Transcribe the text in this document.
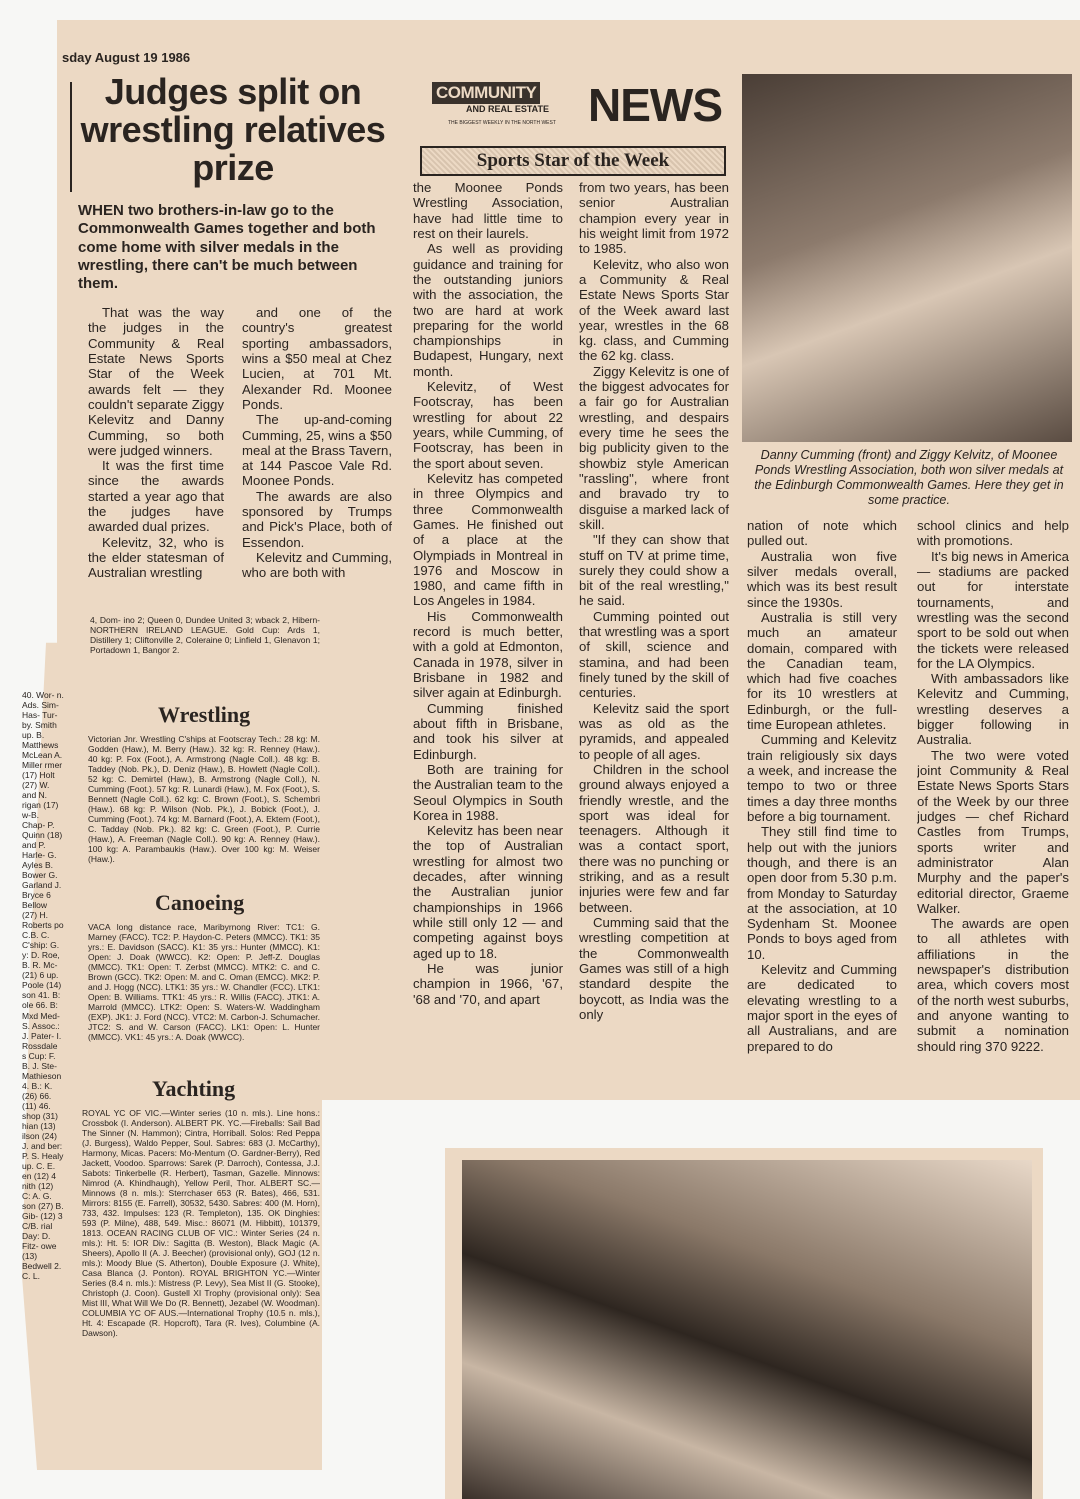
sday August 19 1986
Judges split on wrestling relatives prize
WHEN two brothers-in-law go to the Commonwealth Games together and both come home with silver medals in the wrestling, there can't be much between them.

That was the way the judges in the Community & Real Estate News Sports Star of the Week awards felt — they couldn't separate Ziggy Kelevitz and Danny Cumming, so both were judged winners.

It was the first time since the awards started a year ago that the judges have awarded dual prizes.

Kelevitz, 32, who is the elder statesman of Australian wrestling

and one of the country's greatest sporting ambassadors, wins a $50 meal at Chez Lucien, at 701 Mt. Alexander Rd. Moonee Ponds.

The up-and-coming Cumming, 25, wins a $50 meal at the Brass Tavern, at 144 Pascoe Vale Rd. Moonee Ponds.

The awards are also sponsored by Trumps and Pick's Place, both of Essendon.

Kelevitz and Cumming, who are both with

COMMUNITY
AND REAL ESTATE NEWS
THE BIGGEST WEEKLY IN THE NORTH WEST
Sports Star of the Week

the Moonee Ponds Wrestling Association, have had little time to rest on their laurels.

As well as providing guidance and training for the outstanding juniors with the association, the two are hard at work preparing for the world championships in Budapest, Hungary, next month.

Kelevitz, of West Footscray, has been wrestling for about 22 years, while Cumming, of Footscray, has been in the sport about seven.

Kelevitz has competed in three Olympics and three Commonwealth Games. He finished out of a place at the Olympiads in Montreal in 1976 and Moscow in 1980, and came fifth in Los Angeles in 1984.

His Commonwealth record is much better, with a gold at Edmonton, Canada in 1978, silver in Brisbane in 1982 and silver again at Edinburgh.

Cumming finished about fifth in Brisbane, and took his silver at Edinburgh.

Both are training for the Australian team to the Seoul Olympics in South Korea in 1988.

Kelevitz has been near the top of Australian wrestling for almost two decades, after winning the Australian junior championships in 1966 while still only 12 — and competing against boys aged up to 18.

He was junior champion in 1966, '67, '68 and '70, and apart

from two years, has been senior Australian champion every year in his weight limit from 1972 to 1985.

Kelevitz, who also won a Community & Real Estate News Sports Star of the Week award last year, wrestles in the 68 kg. class, and Cumming the 62 kg. class.

Ziggy Kelevitz is one of the biggest advocates for a fair go for Australian wrestling, and despairs every time he sees the big publicity given to the showbiz style American "rassling", where front and bravado try to disguise a marked lack of skill.

"If they can show that stuff on TV at prime time, surely they could show a bit of the real wrestling," he said.

Cumming pointed out that wrestling was a sport of skill, science and stamina, and had been finely tuned by the skill of centuries.

Kelevitz said the sport was as old as the pyramids, and appealed to people of all ages.

Children in the school ground always enjoyed a friendly wrestle, and the sport was ideal for teenagers. Although it was a contact sport, there was no punching or striking, and as a result injuries were few and far between.

Cumming said that the wrestling competition at the Commonwealth Games was still of a high standard despite the boycott, as India was the only

Danny Cumming (front) and Ziggy Kelvitz, of Moonee Ponds Wrestling Association, both won silver medals at the Edinburgh Commonwealth Games. Here they get in some practice.

nation of note which pulled out.

Australia won five silver medals overall, which was its best result since the 1930s.

Australia is still very much an amateur domain, compared with the Canadian team, which had five coaches for its 10 wrestlers at Edinburgh, or the full-time European athletes.

Cumming and Kelevitz train religiously six days a week, and increase the tempo to two or three times a day three months before a big tournament.

They still find time to help out with the juniors though, and there is an open door from 5.30 p.m. from Monday to Saturday at the association, at 10 Sydenham St. Moonee Ponds to boys aged from 10.

Kelevitz and Cumming are dedicated to elevating wrestling to a major sport in the eyes of all Australians, and are prepared to do

school clinics and help with promotions.

It's big news in America — stadiums are packed out for interstate tournaments, and wrestling was the second sport to be sold out when the tickets were released for the LA Olympics.

With ambassadors like Kelevitz and Cumming, wrestling deserves a bigger following in Australia.

The two were voted joint Community & Real Estate News Sports Stars of the Week by our three judges — chef Richard Castles from Trumps, sports writer and administrator Alan Murphy and the paper's editorial director, Graeme Walker.

The awards are open to all athletes with affiliations in the newspaper's distribution area, which covers most of the north west suburbs, and anyone wanting to submit a nomination should ring 370 9222.

4, Dom- ino 2; Queen 0, Dundee United 3; wback 2, Hibern- NORTHERN IRELAND LEAGUE. Gold Cup: Ards 1, Distillery 1; Cliftonville 2, Coleraine 0; Linfield 1, Glenavon 1; Portadown 1, Bangor 2.
Wrestling
Victorian Jnr. Wrestling C'ships at Footscray Tech.: 28 kg: M. Godden (Haw.), M. Berry (Haw.). 32 kg: R. Renney (Haw.). 40 kg: P. Fox (Foot.), A. Armstrong (Nagle Coll.). 48 kg: B. Taddey (Nob. Pk.), D. Deniz (Haw.), B. Howlett (Nagle Coll.). 52 kg: C. Demirtel (Haw.), B. Armstrong (Nagle Coll.), N. Cumming (Foot.). 57 kg: R. Lunardi (Haw.), M. Fox (Foot.), S. Bennett (Nagle Coll.). 62 kg: C. Brown (Foot.), S. Schembri (Haw.). 68 kg: P. Wilson (Nob. Pk.), J. Bobick (Foot.), J. Cumming (Foot.). 74 kg: M. Barnard (Foot.), A. Ektem (Foot.), C. Tadday (Nob. Pk.). 82 kg: C. Green (Foot.), P. Currie (Haw.), A. Freeman (Nagle Coll.). 90 kg: A. Renney (Haw.). 100 kg: A. Parambaukis (Haw.). Over 100 kg: M. Weiser (Haw.).
Canoeing
VACA long distance race, Maribyrnong River: TC1: G. Marney (FACC). TC2: P. Haydon-C. Peters (MMCC). TK1: 35 yrs.: E. Davidson (SACC). K1: 35 yrs.: Hunter (MMCC). K1: Open: J. Doak (WWCC). K2: Open: P. Jeff-Z. Douglas (MMCC). TK1: Open: T. Zerbst (MMCC). MTK2: C. and C. Brown (GCC). TK2: Open: M. and C. Oman (EMCC). MK2: P. and J. Hogg (NCC). LTK1: 35 yrs.: W. Chandler (FCC). LTK1: Open: B. Williams. TTK1: 45 yrs.: R. Willis (FACC). JTK1: A. Marrold (MMCC). LTK2: Open: S. Waters-W. Waddingham (EXP). JK1: J. Ford (NCC). VTC2: M. Carbon-J. Schumacher. JTC2: S. and W. Carson (FACC). LK1: Open: L. Hunter (MMCC). VK1: 45 yrs.: A. Doak (WWCC).
Yachting
ROYAL YC OF VIC.—Winter series (10 n. mls.). Line hons.: Crossbok (I. Anderson). ALBERT PK. YC.—Fireballs: Sail Bad The Sinner (N. Hammon); Cintra, Horriball. Solos: Red Peppa (J. Burgess), Waldo Pepper, Soul. Sabres: 683 (J. McCarthy), Harmony, Micas. Pacers: Mo-Mentum (O. Gardner-Berry), Red Jackett, Voodoo. Sparrows: Sarek (P. Darroch), Contessa, J.J. Sabots: Tinkerbelle (R. Herbert), Tasman, Gazelle. Minnows: Nimrod (A. Khindhaugh), Yellow Peril, Thor. ALBERT SC.—Minnows (8 n. mls.): Sterrchaser 653 (R. Bates), 466, 531. Mirrors: 8155 (E. Farrell), 30532, 5430. Sabres: 400 (M. Horn), 733, 432. Impulses: 123 (R. Templeton), 135. OK Dinghies: 593 (P. Milne), 488, 549. Misc.: 86071 (M. Hibbitt), 101379, 1813. OCEAN RACING CLUB OF VIC.: Winter Series (24 n. mls.): Ht. 5: IOR Div.: Sagitta (B. Weston), Black Magic (A. Sheers), Apollo II (A. J. Beecher) (provisional only), GOJ (12 n. mls.): Moody Blue (S. Atherton), Double Exposure (J. White), Casa Blanca (J. Ponton). ROYAL BRIGHTON YC.—Winter Series (8.4 n. mls.): Mistress (P. Levy), Sea Mist II (G. Stooke), Christoph (J. Coon). Gustell XI Trophy (provisional only): Sea Mist III, What Will We Do (R. Bennett), Jezabel (W. Woodman). COLUMBIA YC OF AUS.—International Trophy (10.5 n. mls.), Ht. 4: Escapade (R. Hopcroft), Tara (R. Ives), Columbine (A. Dawson).
40. Wor- n. Ads. Sim- Has- Tur- by. Smith up. B. Matthews McLean A. Miller rmer (17) Holt (27) W. and N. rigan (17) w-B. Chap- P. Quinn (18) and P. Harle- G. Ayles B. Bower G. Garland J. Bryce 6 Bellow (27) H. Roberts po C.B. C. C'ship: G. y: D. Roe, B. R. Mc- (21) 6 up. Poole (14) son 41. B: ole 66. B: Mxd Med- S. Assoc.: J. Pater- I. Rossdale s Cup: F. B. J. Ste- Mathieson 4. B.: K. (26) 66. (11) 46. shop (31) hian (13) ilson (24) J. and ber: P. S. Healy up. C. E. en (12) 4 nith (12) C: A. G. son (27) B. Gib- (12) 3 C/B. rial Day: D. Fitz- owe (13) Bedwell 2. C. L.
